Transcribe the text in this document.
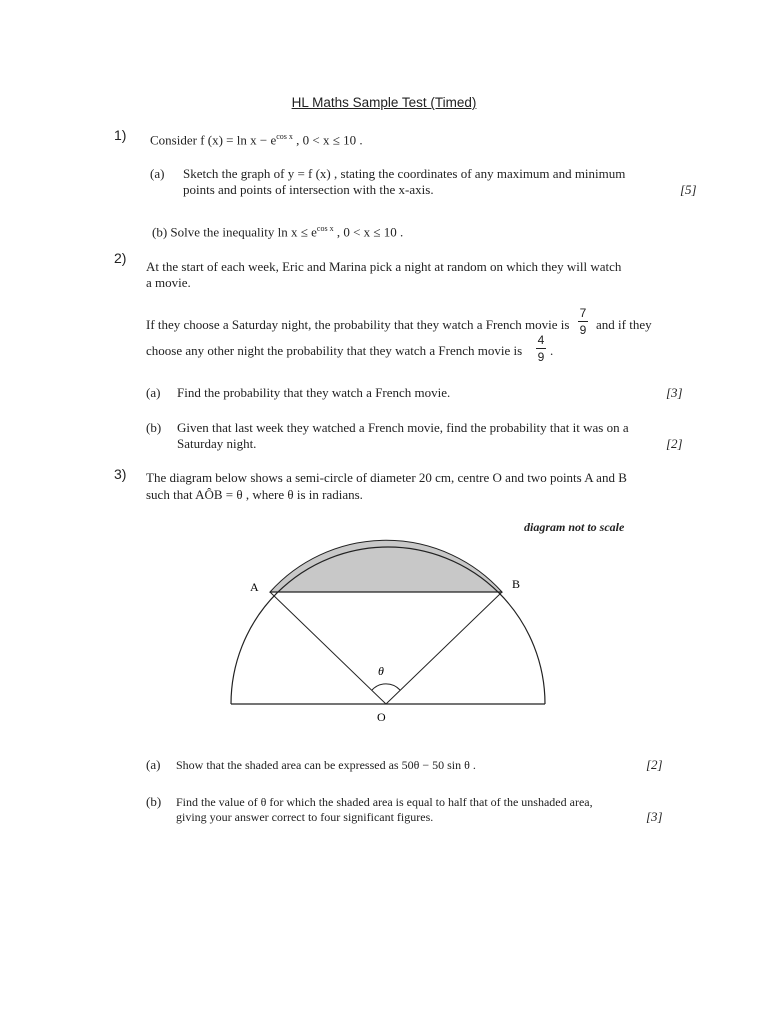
HL Maths Sample Test (Timed)
1) Consider f $(x) = \ln x - e^{cos x}$ , 0 < x ≤ 10 .
(a) Sketch the graph of y = f (x) , stating the coordinates of any maximum and minimum
points and points of intersection with the x-axis.	[5]
(b) Solve the inequality $\ln x \le e^{cos x}$ , 0 < x ≤ 10 .
2)
At the start of each week, Eric and Marina pick a night at random on which they will watch
a movie.
If they choose a Saturday night, the probability that they watch a French movie is
7
9 and if they
choose any other night the probability that they watch a French movie is
4
9 .
(a) Find the probability that they watch a French movie.	[3]
(b) Given that last week they watched a French movie, find the probability that it was on a
Saturday night.	[2]
3) The diagram below shows a semi-circle of diameter 20 cm, centre O and two points A and B
such that AÔB = θ , where θ is in radians.
diagram not to scale
A	B
O
θ
(a) Show that the shaded area can be expressed as 50θ − 50 sin θ .	[2]
(b) Find the value of θ for which the shaded area is equal to half that of the unshaded area,
giving your answer correct to four significant figures.	[3]
